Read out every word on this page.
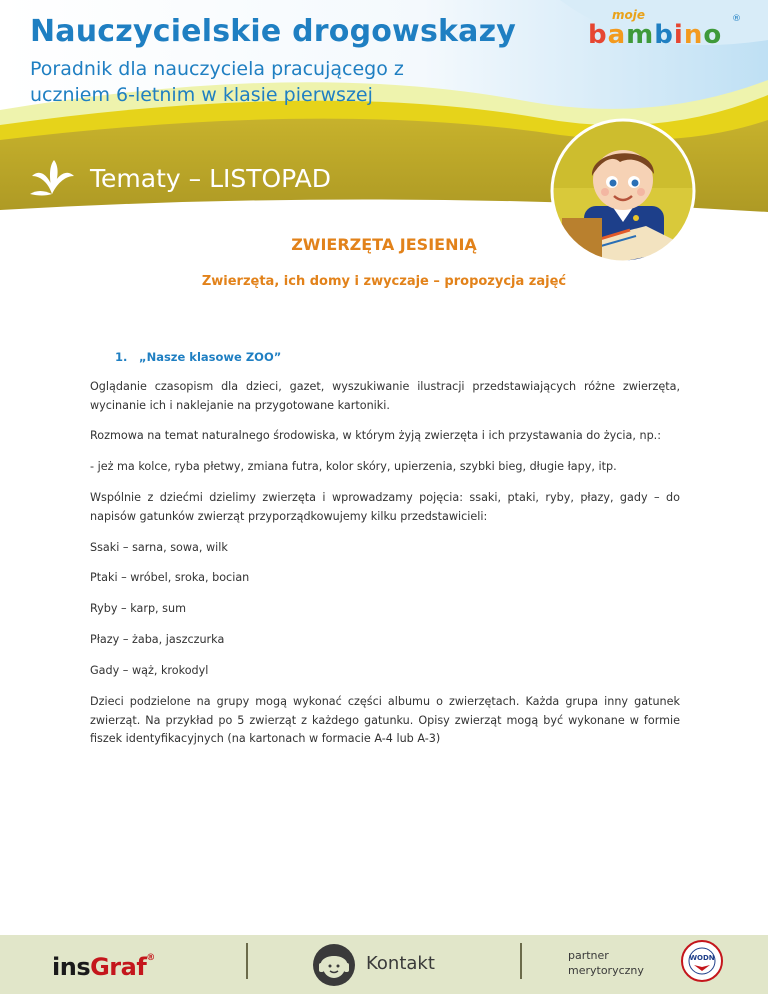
Nauczycielskie drogowskazy
Poradnik dla nauczyciela pracującego z uczniem 6-letnim w klasie pierwszej
moje
bambino
®
Tematy – LISTOPAD
ZWIERZĘTA JESIENIĄ
Zwierzęta, ich domy i zwyczaje – propozycja zajęć
1. „Nasze klasowe ZOO”

Oglądanie czasopism dla dzieci, gazet, wyszukiwanie ilustracji przedstawiających różne zwierzęta, wycinanie ich i naklejanie na przygotowane kartoniki.

Rozmowa na temat naturalnego środowiska, w którym żyją zwierzęta i ich przystawania do życia, np.:

- jeż ma kolce, ryba płetwy, zmiana futra, kolor skóry, upierzenia, szybki bieg, długie łapy, itp.

Wspólnie z dziećmi dzielimy zwierzęta i wprowadzamy pojęcia: ssaki, ptaki, ryby, płazy, gady – do napisów gatunków zwierząt przyporządkowujemy kilku przedstawicieli:

Ssaki – sarna, sowa, wilk

Ptaki – wróbel, sroka, bocian

Ryby – karp, sum

Płazy – żaba, jaszczurka

Gady – wąż, krokodyl

Dzieci podzielone na grupy mogą wykonać części albumu o zwierzętach. Każda grupa inny gatunek zwierząt. Na przykład po 5 zwierząt z każdego gatunku. Opisy zwierząt mogą być wykonane w formie fiszek identyfikacyjnych (na kartonach w formacie A-4 lub A-3)

insGraf®	Kontakt	partner
merytoryczny
WODN
